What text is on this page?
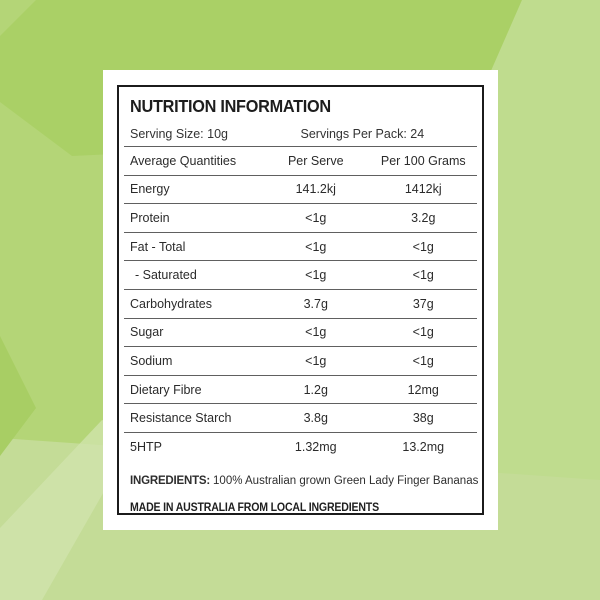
NUTRITION INFORMATION
Serving Size: 10g	Servings Per Pack: 24
Average Quantities	Per Serve	Per 100 Grams
Energy	141.2kj	1412kj
Protein	<1g	3.2g
Fat - Total	<1g	<1g
- Saturated	<1g	<1g
Carbohydrates	3.7g	37g
Sugar	<1g	<1g
Sodium	<1g	<1g
Dietary Fibre	1.2g	12mg
Resistance Starch	3.8g	38g
5HTP	1.32mg	13.2mg
INGREDIENTS: 100% Australian grown Green Lady Finger Bananas
MADE IN AUSTRALIA FROM LOCAL INGREDIENTS
